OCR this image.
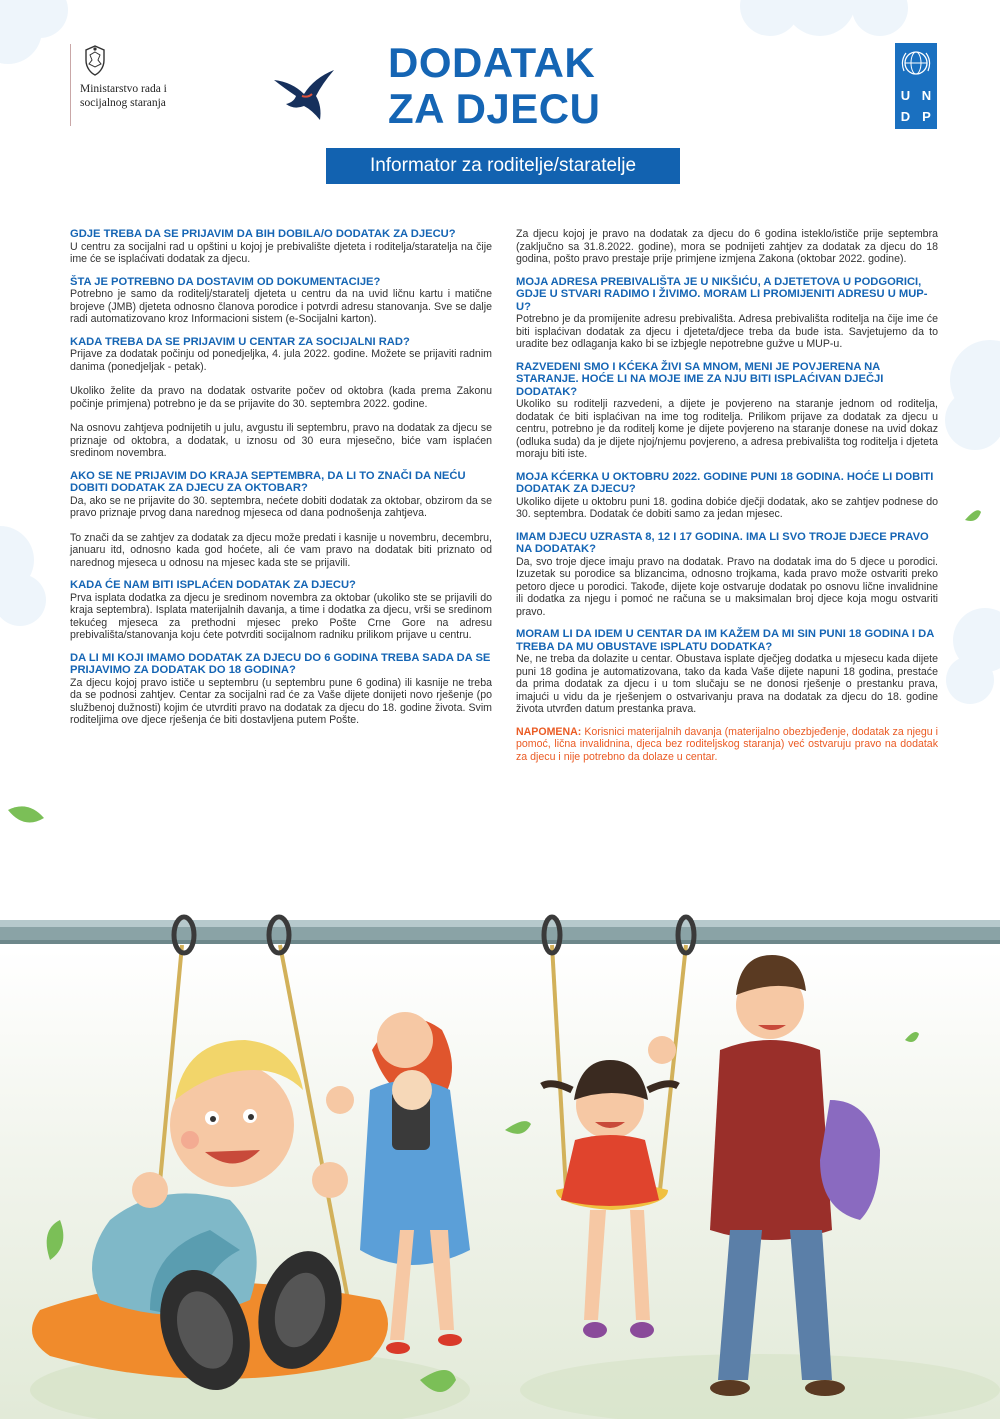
Ministarstvo rada i socijalnog staranja
DODATAK
ZA DJECU
Informator za roditelje/staratelje
U ND P

GDJE TREBA DA SE PRIJAVIM DA BIH DOBILA/O DODATAK ZA DJECU?

U centru za socijalni rad u opštini u kojoj je prebivalište djeteta i roditelja/staratelja na čije ime će se isplaćivati dodatak za djecu.

ŠTA JE POTREBNO DA DOSTAVIM OD DOKUMENTACIJE?

Potrebno je samo da roditelj/staratelj djeteta u centru da na uvid ličnu kartu i matične brojeve (JMB) djeteta odnosno članova porodice i potvrdi adresu stanovanja. Sve se dalje radi automatizovano kroz Informacioni sistem (e-Socijalni karton).

KADA TREBA DA SE PRIJAVIM U CENTAR ZA SOCIJALNI RAD?

Prijave za dodatak počinju od ponedjeljka, 4. jula 2022. godine. Možete se prijaviti radnim danima (ponedjeljak - petak).

Ukoliko želite da pravo na dodatak ostvarite počev od oktobra (kada prema Zakonu počinje primjena) potrebno je da se prijavite do 30. septembra 2022. godine.

Na osnovu zahtjeva podnijetih u julu, avgustu ili septembru, pravo na dodatak za djecu se priznaje od oktobra, a dodatak, u iznosu od 30 eura mjesečno, biće vam isplaćen sredinom novembra.

AKO SE NE PRIJAVIM DO KRAJA SEPTEMBRA, DA LI TO ZNAČI DA NEĆU DOBITI DODATAK ZA DJECU ZA OKTOBAR?

Da, ako se ne prijavite do 30. septembra, nećete dobiti dodatak za oktobar, obzirom da se pravo priznaje prvog dana narednog mjeseca od dana podnošenja zahtjeva.

To znači da se zahtjev za dodatak za djecu može predati i kasnije u novembru, decembru, januaru itd, odnosno kada god hoćete, ali će vam pravo na dodatak biti priznato od narednog mjeseca u odnosu na mjesec kada ste se prijavili.

KADA ĆE NAM BITI ISPLAĆEN DODATAK ZA DJECU?

Prva isplata dodatka za djecu je sredinom novembra za oktobar (ukoliko ste se prijavili do kraja septembra). Isplata materijalnih davanja, a time i dodatka za djecu, vrši se sredinom tekućeg mjeseca za prethodni mjesec preko Pošte Crne Gore na adresu prebivališta/stanovanja koju ćete potvrditi socijalnom radniku prilikom prijave u centru.

DA LI MI KOJI IMAMO DODATAK ZA DJECU DO 6 GODINA TREBA SADA DA SE PRIJAVIMO ZA DODATAK DO 18 GODINA?

Za djecu kojoj pravo ističe u septembru (u septembru pune 6 godina) ili kasnije ne treba da se podnosi zahtjev. Centar za socijalni rad će za Vaše dijete donijeti novo rješenje (po službenoj dužnosti) kojim će utvrditi pravo na dodatak za djecu do 18. godine života. Svim roditeljima ove djece rješenja će biti dostavljena putem Pošte.

Za djecu kojoj je pravo na dodatak za djecu do 6 godina isteklo/ističe prije septembra (zaključno sa 31.8.2022. godine), mora se podnijeti zahtjev za dodatak za djecu do 18 godina, pošto pravo prestaje prije primjene izmjena Zakona (oktobar 2022. godine).

MOJA ADRESA PREBIVALIŠTA JE U NIKŠIĆU, A DJETETOVA U PODGORICI, GDJE U STVARI RADIMO I ŽIVIMO. MORAM LI PROMIJENITI ADRESU U MUP-U?

Potrebno je da promijenite adresu prebivališta. Adresa prebivališta roditelja na čije ime će biti isplaćivan dodatak za djecu i djeteta/djece treba da bude ista. Savjetujemo da to uradite bez odlaganja kako bi se izbjegle nepotrebne gužve u MUP-u.

RAZVEDENI SMO I KĆEKA ŽIVI SA MNOM, MENI JE POVJERENA NA STARANJE. HOĆE LI NA MOJE IME ZA NJU BITI ISPLAĆIVAN DJEČJI DODATAK?

Ukoliko su roditelji razvedeni, a dijete je povjereno na staranje jednom od roditelja, dodatak će biti isplaćivan na ime tog roditelja. Prilikom prijave za dodatak za djecu u centru, potrebno je da roditelj kome je dijete povjereno na staranje donese na uvid dokaz (odluka suda) da je dijete njoj/njemu povjereno, a adresa prebivališta tog roditelja i djeteta moraju biti iste.

MOJA KĆERKA U OKTOBRU 2022. GODINE PUNI 18 GODINA. HOĆE LI DOBITI DODATAK ZA DJECU?

Ukoliko dijete u oktobru puni 18. godina dobiće dječji dodatak, ako se zahtjev podnese do 30. septembra. Dodatak će dobiti samo za jedan mjesec.

IMAM DJECU UZRASTA 8, 12 I 17 GODINA. IMA LI SVO TROJE DJECE PRAVO NA DODATAK?

Da, svo troje djece imaju pravo na dodatak. Pravo na dodatak ima do 5 djece u porodici. Izuzetak su porodice sa blizancima, odnosno trojkama, kada pravo može ostvariti preko petoro djece u porodici. Takođe, dijete koje ostvaruje dodatak po osnovu lične invalidnine ili dodatka za njegu i pomoć ne računa se u maksimalan broj djece koja mogu ostvariti pravo.

MORAM LI DA IDEM U CENTAR DA IM KAŽEM DA MI SIN PUNI 18 GODINA I DA TREBA DA MU OBUSTAVE ISPLATU DODATKA?

Ne, ne treba da dolazite u centar. Obustava isplate dječjeg dodatka u mjesecu kada dijete puni 18 godina je automatizovana, tako da kada Vaše dijete napuni 18 godina, prestaće da prima dodatak za djecu i u tom slučaju se ne donosi rješenje o prestanku prava, imajući u vidu da je rješenjem o ostvarivanju prava na dodatak za djecu do 18. godine života utvrđen datum prestanka prava.

NAPOMENA: Korisnici materijalnih davanja (materijalno obezbjeđenje, dodatak za njegu i pomoć, lična invalidnina, djeca bez roditeljskog staranja) već ostvaruju pravo na dodatak za djecu i nije potrebno da dolaze u centar.
